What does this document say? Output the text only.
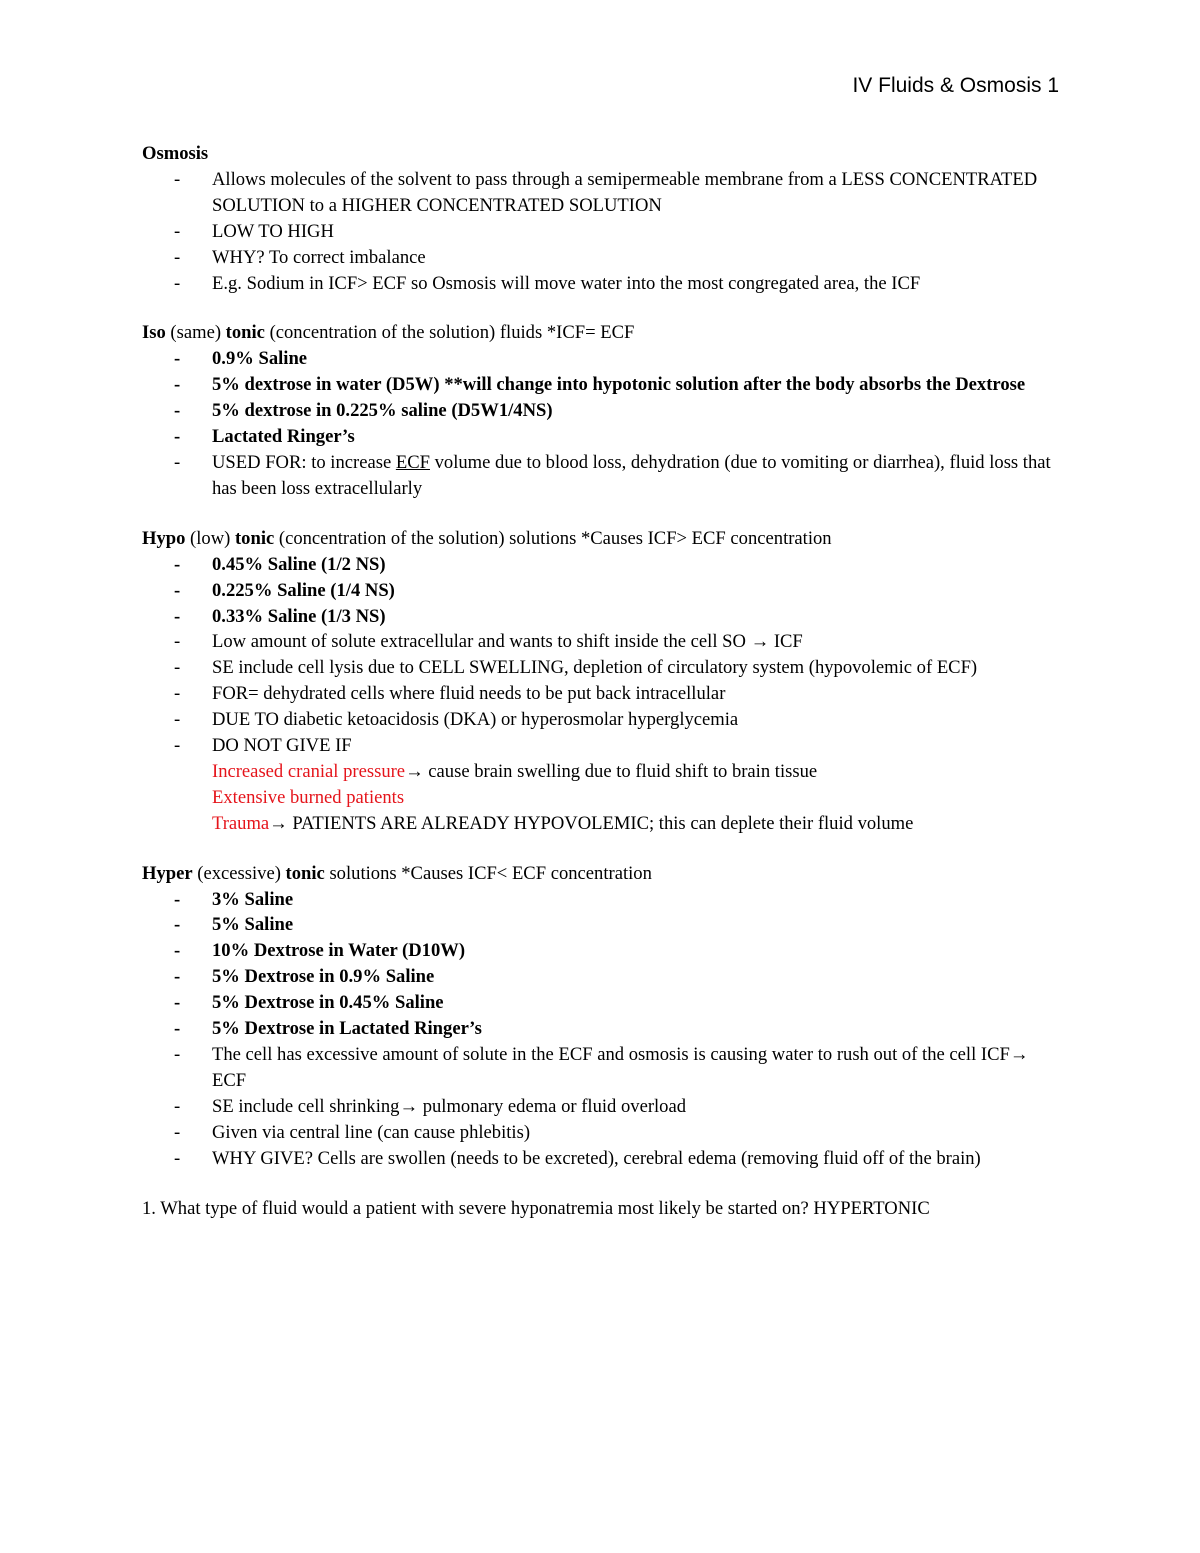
IV Fluids & Osmosis 1
Osmosis
- Allows molecules of the solvent to pass through a semipermeable membrane from a LESS CONCENTRATED SOLUTION to a HIGHER CONCENTRATED SOLUTION
- LOW TO HIGH
- WHY? To correct imbalance
- E.g. Sodium in ICF> ECF so Osmosis will move water into the most congregated area, the ICF
Iso (same) tonic (concentration of the solution) fluids *ICF= ECF
- 0.9% Saline
- 5% dextrose in water (D5W) **will change into hypotonic solution after the body absorbs the Dextrose
- 5% dextrose in 0.225% saline (D5W1/4NS)
- Lactated Ringer’s
- USED FOR: to increase ECF volume due to blood loss, dehydration (due to vomiting or diarrhea), fluid loss that has been loss extracellularly
Hypo (low) tonic (concentration of the solution) solutions *Causes ICF> ECF concentration
- 0.45% Saline (1/2 NS)
- 0.225% Saline (1/4 NS)
- 0.33% Saline (1/3 NS)
- Low amount of solute extracellular and wants to shift inside the cell SO → ICF
- SE include cell lysis due to CELL SWELLING, depletion of circulatory system (hypovolemic of ECF)
- FOR= dehydrated cells where fluid needs to be put back intracellular
- DUE TO diabetic ketoacidosis (DKA) or hyperosmolar hyperglycemia
- DO NOT GIVE IF
Increased cranial pressure→ cause brain swelling due to fluid shift to brain tissue
Extensive burned patients
Trauma→ PATIENTS ARE ALREADY HYPOVOLEMIC; this can deplete their fluid volume
Hyper (excessive) tonic solutions *Causes ICF< ECF concentration
- 3% Saline
- 5% Saline
- 10% Dextrose in Water (D10W)
- 5% Dextrose in 0.9% Saline
- 5% Dextrose in 0.45% Saline
- 5% Dextrose in Lactated Ringer’s
- The cell has excessive amount of solute in the ECF and osmosis is causing water to rush out of the cell ICF→ ECF
- SE include cell shrinking→ pulmonary edema or fluid overload
- Given via central line (can cause phlebitis)
- WHY GIVE? Cells are swollen (needs to be excreted), cerebral edema (removing fluid off of the brain)
1. What type of fluid would a patient with severe hyponatremia most likely be started on? HYPERTONIC
